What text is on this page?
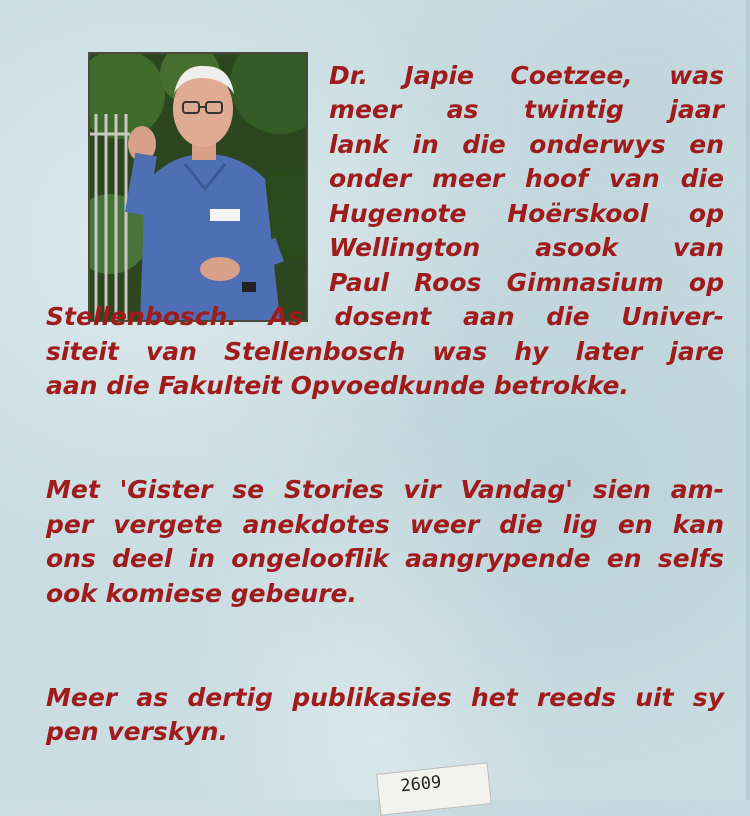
Dr. Japie Coetzee, was

meer as twintig jaar

lank in die onderwys en

onder meer hoof van die

Hugenote Hoërskool op

Wellington asook van

Paul Roos Gimnasium op

Stellenbosch. As dosent aan die Univer-

siteit van Stellenbosch was hy later jare

aan die Fakulteit Opvoedkunde betrokke.

Met 'Gister se Stories vir Vandag' sien am-

per vergete anekdotes weer die lig en kan

ons deel in ongelooflik aangrypende en selfs

ook komiese gebeure.

Meer as dertig publikasies het reeds uit sy

pen verskyn.

2609
